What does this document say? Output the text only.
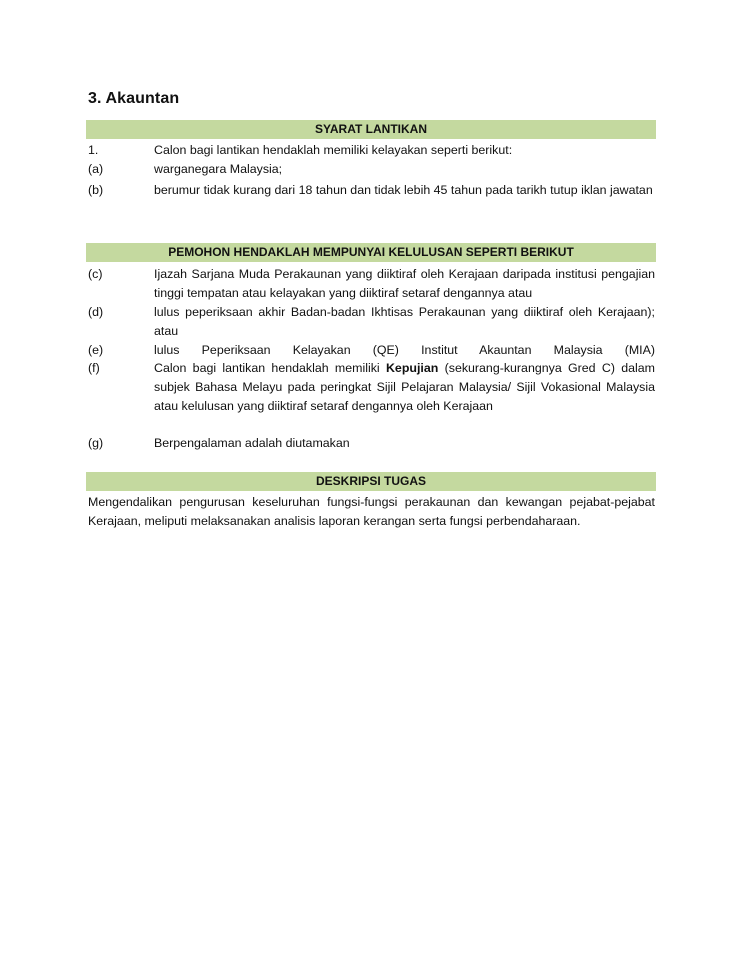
3. Akauntan
SYARAT LANTIKAN
1.	Calon bagi lantikan hendaklah memiliki kelayakan seperti berikut:
(a)	warganegara Malaysia;
(b)	berumur tidak kurang dari 18 tahun dan tidak lebih 45 tahun pada tarikh tutup iklan jawatan
PEMOHON HENDAKLAH MEMPUNYAI KELULUSAN SEPERTI BERIKUT
(c)	Ijazah Sarjana Muda Perakaunan yang diiktiraf oleh Kerajaan daripada institusi pengajian tinggi tempatan atau kelayakan yang diiktiraf setaraf dengannya atau
(d)	lulus peperiksaan akhir Badan-badan Ikhtisas Perakaunan yang diiktiraf oleh Kerajaan); atau
(e)	lulus Peperiksaan Kelayakan (QE) Institut Akauntan Malaysia (MIA)
(f)	Calon bagi lantikan hendaklah memiliki Kepujian (sekurang-kurangnya Gred C) dalam subjek Bahasa Melayu pada peringkat Sijil Pelajaran Malaysia/ Sijil Vokasional Malaysia atau kelulusan yang diiktiraf setaraf dengannya oleh Kerajaan
(g)	Berpengalaman adalah diutamakan
DESKRIPSI TUGAS
Mengendalikan pengurusan keseluruhan fungsi-fungsi perakaunan dan kewangan pejabat-pejabat Kerajaan, meliputi melaksanakan analisis laporan kerangan serta fungsi perbendaharaan.
